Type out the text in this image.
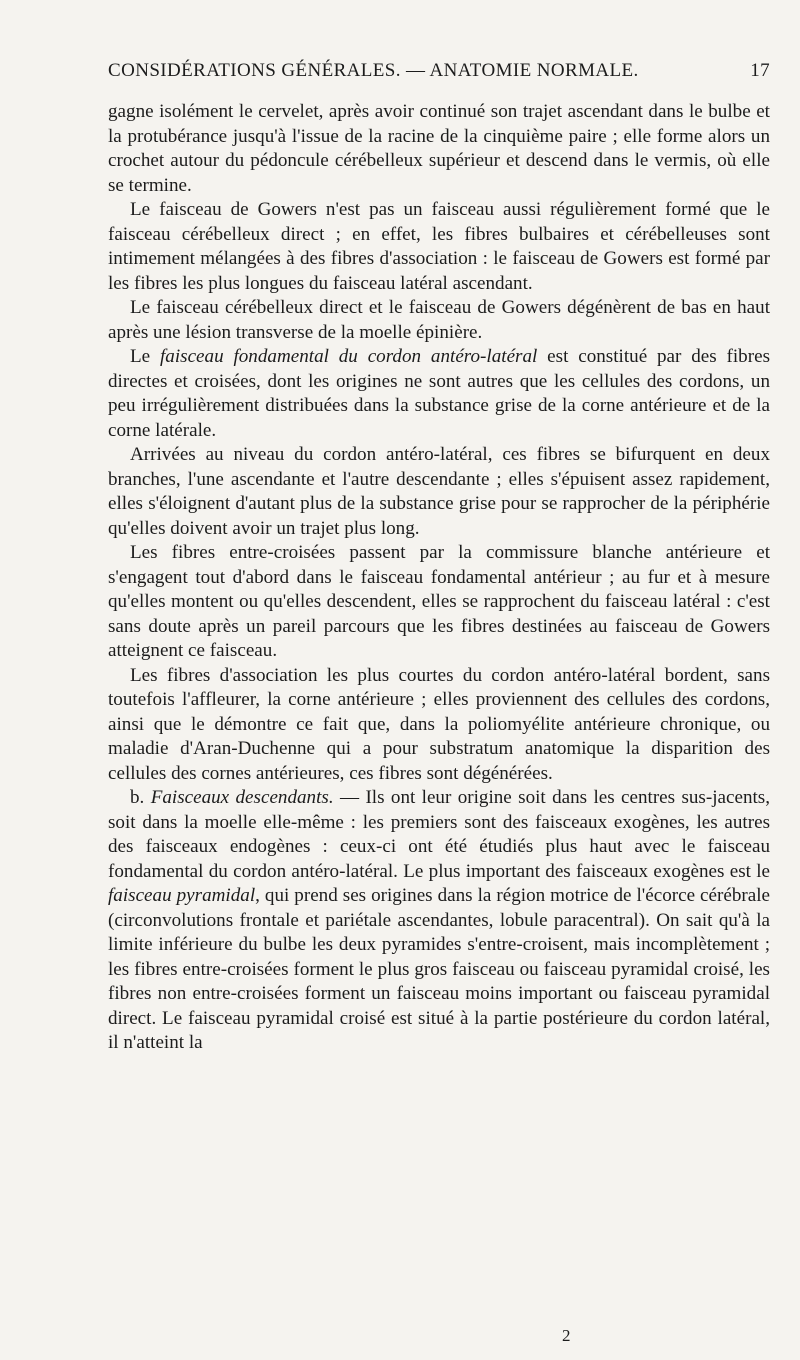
CONSIDÉRATIONS GÉNÉRALES. — ANATOMIE NORMALE.	17

gagne isolément le cervelet, après avoir continué son trajet ascendant dans le bulbe et la protubérance jusqu'à l'issue de la racine de la cinquième paire ; elle forme alors un crochet autour du pédoncule cérébelleux supérieur et descend dans le vermis, où elle se termine.

Le faisceau de Gowers n'est pas un faisceau aussi régulièrement formé que le faisceau cérébelleux direct ; en effet, les fibres bulbaires et cérébelleuses sont intimement mélangées à des fibres d'association : le faisceau de Gowers est formé par les fibres les plus longues du faisceau latéral ascendant.

Le faisceau cérébelleux direct et le faisceau de Gowers dégénèrent de bas en haut après une lésion transverse de la moelle épinière.

Le faisceau fondamental du cordon antéro-latéral est constitué par des fibres directes et croisées, dont les origines ne sont autres que les cellules des cordons, un peu irrégulièrement distribuées dans la substance grise de la corne antérieure et de la corne latérale.

Arrivées au niveau du cordon antéro-latéral, ces fibres se bifurquent en deux branches, l'une ascendante et l'autre descendante ; elles s'épuisent assez rapidement, elles s'éloignent d'autant plus de la substance grise pour se rapprocher de la périphérie qu'elles doivent avoir un trajet plus long.

Les fibres entre-croisées passent par la commissure blanche antérieure et s'engagent tout d'abord dans le faisceau fondamental antérieur ; au fur et à mesure qu'elles montent ou qu'elles descendent, elles se rapprochent du faisceau latéral : c'est sans doute après un pareil parcours que les fibres destinées au faisceau de Gowers atteignent ce faisceau.

Les fibres d'association les plus courtes du cordon antéro-latéral bordent, sans toutefois l'affleurer, la corne antérieure ; elles proviennent des cellules des cordons, ainsi que le démontre ce fait que, dans la poliomyélite antérieure chronique, ou maladie d'Aran-Duchenne qui a pour substratum anatomique la disparition des cellules des cornes antérieures, ces fibres sont dégénérées.

b. Faisceaux descendants. — Ils ont leur origine soit dans les centres sus-jacents, soit dans la moelle elle-même : les premiers sont des faisceaux exogènes, les autres des faisceaux endogènes : ceux-ci ont été étudiés plus haut avec le faisceau fondamental du cordon antéro-latéral. Le plus important des faisceaux exogènes est le faisceau pyramidal, qui prend ses origines dans la région motrice de l'écorce cérébrale (circonvolutions frontale et pariétale ascendantes, lobule paracentral). On sait qu'à la limite inférieure du bulbe les deux pyramides s'entre-croisent, mais incomplètement ; les fibres entre-croisées forment le plus gros faisceau ou faisceau pyramidal croisé, les fibres non entre-croisées forment un faisceau moins important ou faisceau pyramidal direct. Le faisceau pyramidal croisé est situé à la partie postérieure du cordon latéral, il n'atteint la

2
